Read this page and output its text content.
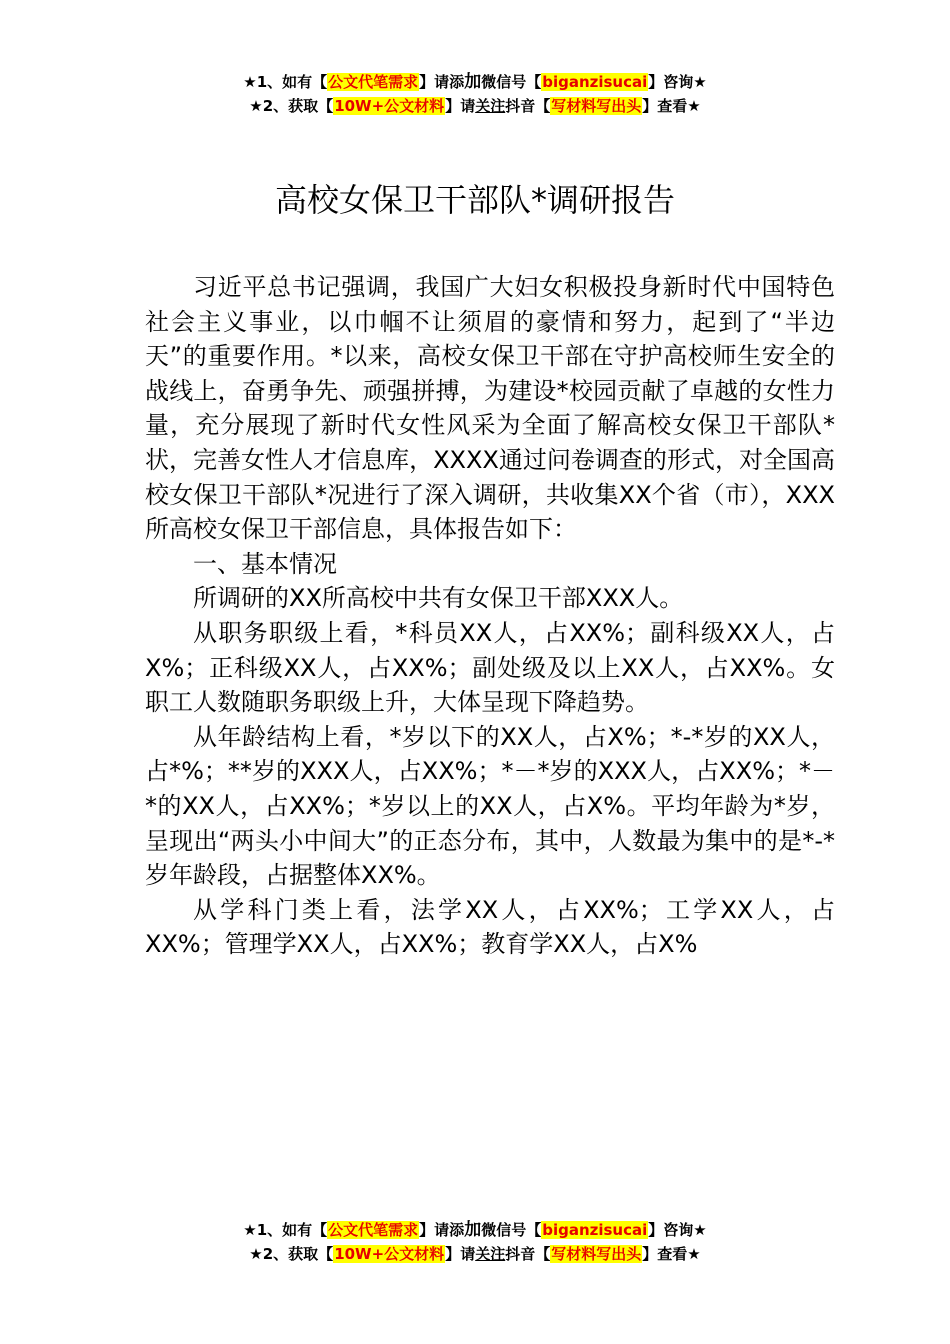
★1、如有【公文代笔需求】请添加微信号【biganzisucai】咨询★
★2、获取【10W+公文材料】请关注抖音【写材料写出头】查看★
高校女保卫干部队*调研报告

习近平总书记强调，我国广大妇女积极投身新时代中国特色社会主义事业，以巾帼不让须眉的豪情和努力，起到了“半边天”的重要作用。*以来，高校女保卫干部在守护高校师生安全的战线上，奋勇争先、顽强拼搏，为建设*校园贡献了卓越的女性力量，充分展现了新时代女性风采为全面了解高校女保卫干部队*状，完善女性人才信息库，XXXX通过问卷调查的形式，对全国高校女保卫干部队*况进行了深入调研，共收集XX个省（市），XXX所高校女保卫干部信息，具体报告如下：

一、基本情况

所调研的XX所高校中共有女保卫干部XXX人。

从职务职级上看，*科员XX人，占XX%；副科级XX人，占X%；正科级XX人，占XX%；副处级及以上XX人，占XX%。女职工人数随职务职级上升，大体呈现下降趋势。

从年龄结构上看，*岁以下的XX人，占X%；*-*岁的XX人，占*%；**岁的XXX人，占XX%；*－*岁的XXX人，占XX%；*－*的XX人，占XX%；*岁以上的XX人，占X%。平均年龄为*岁，呈现出“两头小中间大”的正态分布，其中，人数最为集中的是*-*岁年龄段，占据整体XX%。

从学科门类上看，法学XX人，占XX%；工学XX人，占XX%；管理学XX人，占XX%；教育学XX人，占X%

★1、如有【公文代笔需求】请添加微信号【biganzisucai】咨询★
★2、获取【10W+公文材料】请关注抖音【写材料写出头】查看★
